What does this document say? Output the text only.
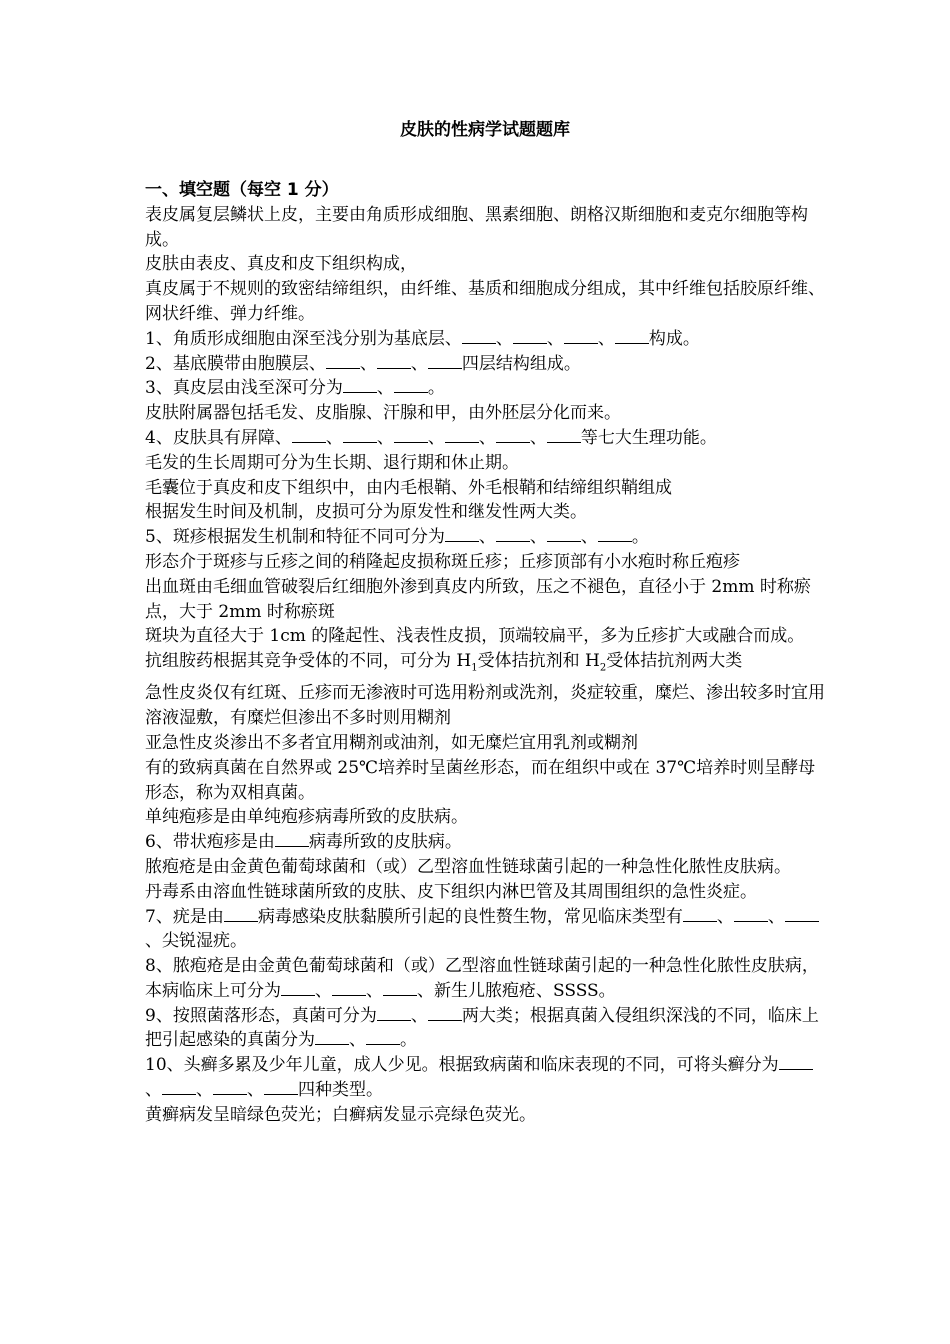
皮肤的性病学试题题库
一、填空题（每空 1 分）

表皮属复层鳞状上皮，主要由角质形成细胞、黑素细胞、朗格汉斯细胞和麦克尔细胞等构成。

皮肤由表皮、真皮和皮下组织构成，

真皮属于不规则的致密结缔组织，由纤维、基质和细胞成分组成，其中纤维包括胶原纤维、网状纤维、弹力纤维。

1、角质形成细胞由深至浅分别为基底层、 、 、 、 构成。

2、基底膜带由胞膜层、 、 、 四层结构组成。

3、真皮层由浅至深可分为 、 。

皮肤附属器包括毛发、皮脂腺、汗腺和甲，由外胚层分化而来。

4、皮肤具有屏障、 、 、 、 、 、 等七大生理功能。

毛发的生长周期可分为生长期、退行期和休止期。

毛囊位于真皮和皮下组织中，由内毛根鞘、外毛根鞘和结缔组织鞘组成

根据发生时间及机制，皮损可分为原发性和继发性两大类。

5、斑疹根据发生机制和特征不同可分为 、 、 、 。

形态介于斑疹与丘疹之间的稍隆起皮损称斑丘疹；丘疹顶部有小水疱时称丘疱疹

出血斑由毛细血管破裂后红细胞外渗到真皮内所致，压之不褪色，直径小于 2mm 时称瘀点，大于 2mm 时称瘀斑

斑块为直径大于 1cm 的隆起性、浅表性皮损，顶端较扁平，多为丘疹扩大或融合而成。

抗组胺药根据其竞争受体的不同，可分为 $H_1$受体拮抗剂和 $H_2$受体拮抗剂两大类

急性皮炎仅有红斑、丘疹而无渗液时可选用粉剂或洗剂，炎症较重，糜烂、渗出较多时宜用溶液湿敷，有糜烂但渗出不多时则用糊剂

亚急性皮炎渗出不多者宜用糊剂或油剂，如无糜烂宜用乳剂或糊剂

有的致病真菌在自然界或 25℃培养时呈菌丝形态，而在组织中或在 37℃培养时则呈酵母形态，称为双相真菌。

单纯疱疹是由单纯疱疹病毒所致的皮肤病。

6、带状疱疹是由 病毒所致的皮肤病。

脓疱疮是由金黄色葡萄球菌和（或）乙型溶血性链球菌引起的一种急性化脓性皮肤病。

丹毒系由溶血性链球菌所致的皮肤、皮下组织内淋巴管及其周围组织的急性炎症。

7、疣是由 病毒感染皮肤黏膜所引起的良性赘生物，常见临床类型有 、 、、尖锐湿疣。

8、脓疱疮是由金黄色葡萄球菌和（或）乙型溶血性链球菌引起的一种急性化脓性皮肤病，本病临床上可分为 、 、 、新生儿脓疱疮、SSSS。

9、按照菌落形态，真菌可分为 、 两大类；根据真菌入侵组织深浅的不同，临床上把引起感染的真菌分为 、 。

10、头癣多累及少年儿童，成人少见。根据致病菌和临床表现的不同，可将头癣分为、 、 、 四种类型。

黄癣病发呈暗绿色荧光；白癣病发显示亮绿色荧光。
